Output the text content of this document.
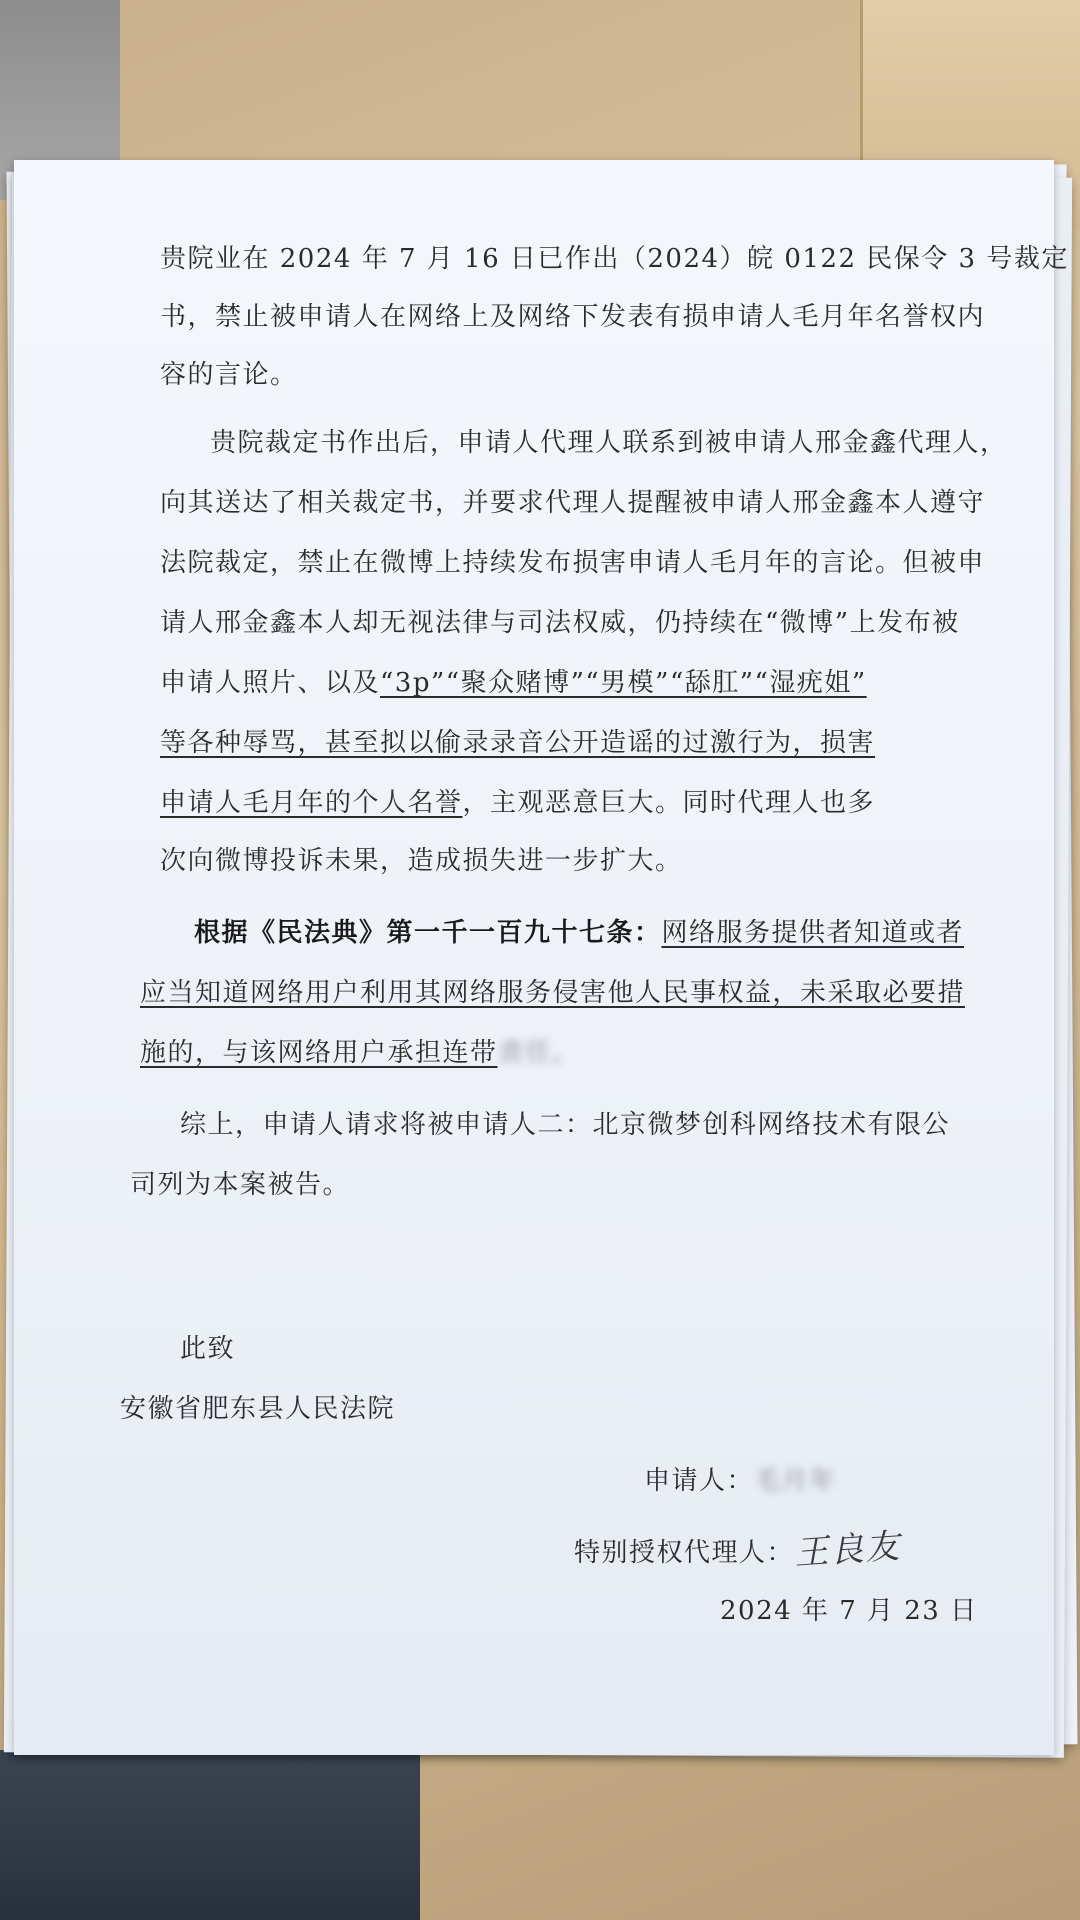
贵院业在 2024 年 7 月 16 日已作出（2024）皖 0122 民保令 3 号裁定
书，禁止被申请人在网络上及网络下发表有损申请人毛月年名誉权内
容的言论。
贵院裁定书作出后，申请人代理人联系到被申请人邢金鑫代理人，
向其送达了相关裁定书，并要求代理人提醒被申请人邢金鑫本人遵守
法院裁定，禁止在微博上持续发布损害申请人毛月年的言论。但被申
请人邢金鑫本人却无视法律与司法权威，仍持续在“微博”上发布被
申请人照片、以及“3p”“聚众赌博”“男模”“舔肛”“湿疣姐”
等各种辱骂，甚至拟以偷录录音公开造谣的过激行为，损害
申请人毛月年的个人名誉，主观恶意巨大。同时代理人也多
次向微博投诉未果，造成损失进一步扩大。
根据《民法典》第一千一百九十七条：网络服务提供者知道或者
应当知道网络用户利用其网络服务侵害他人民事权益，未采取必要措
施的，与该网络用户承担连带责任。
综上，申请人请求将被申请人二：北京微梦创科网络技术有限公
司列为本案被告。
此致
安徽省肥东县人民法院
申请人：毛月年
特别授权代理人：王良友
2024 年 7 月 23 日
